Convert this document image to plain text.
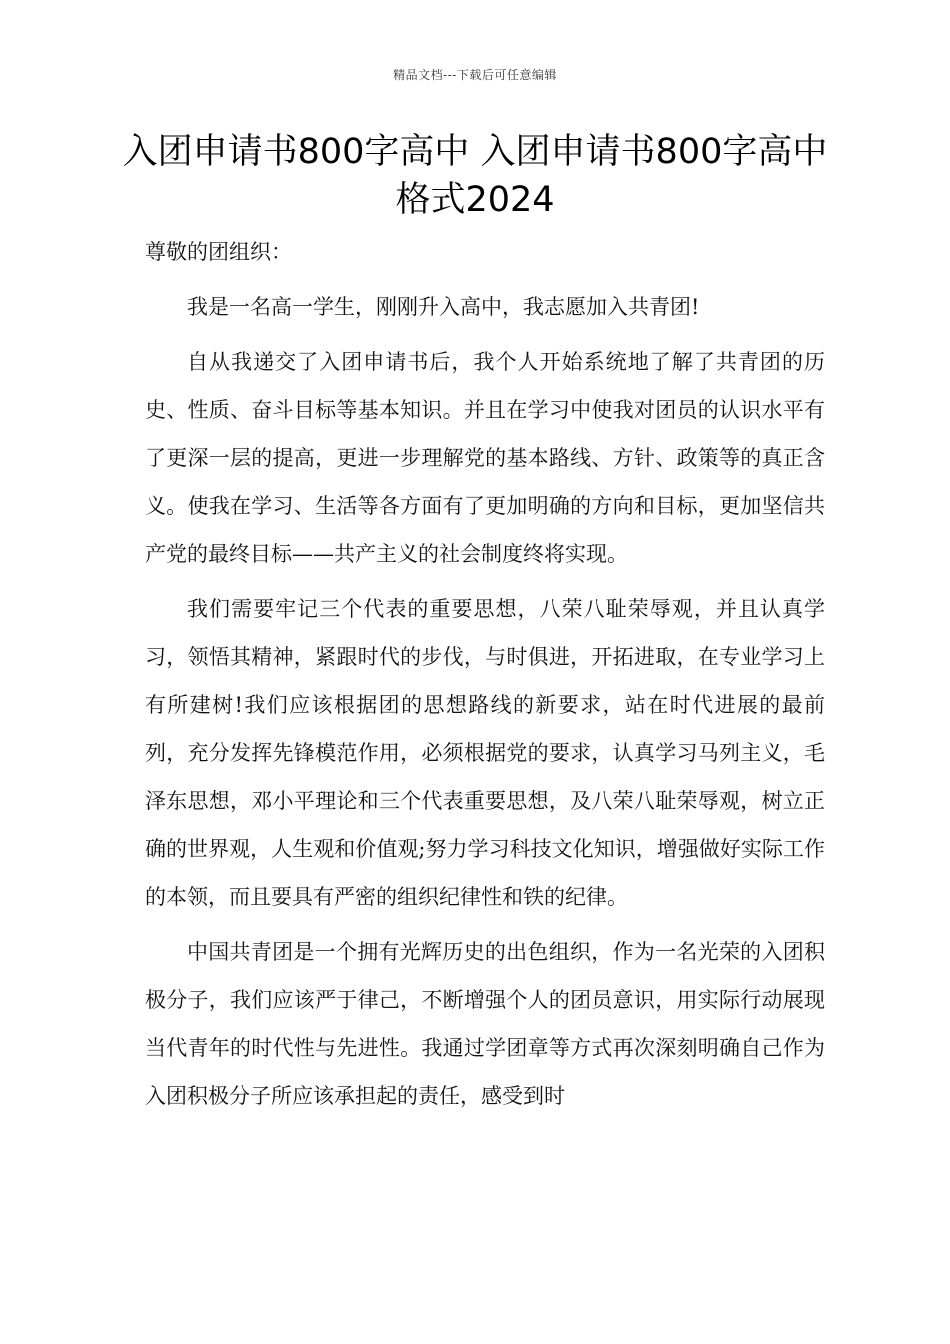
精品文档---下载后可任意编辑
入团申请书800字高中 入团申请书800字高中格式2024

尊敬的团组织：

我是一名高一学生，刚刚升入高中，我志愿加入共青团!

自从我递交了入团申请书后，我个人开始系统地了解了共青团的历史、性质、奋斗目标等基本知识。并且在学习中使我对团员的认识水平有了更深一层的提高，更进一步理解党的基本路线、方针、政策等的真正含义。使我在学习、生活等各方面有了更加明确的方向和目标，更加坚信共产党的最终目标——共产主义的社会制度终将实现。

我们需要牢记三个代表的重要思想，八荣八耻荣辱观，并且认真学习，领悟其精神，紧跟时代的步伐，与时俱进，开拓进取，在专业学习上有所建树!我们应该根据团的思想路线的新要求，站在时代进展的最前列，充分发挥先锋模范作用，必须根据党的要求，认真学习马列主义，毛泽东思想，邓小平理论和三个代表重要思想，及八荣八耻荣辱观，树立正确的世界观，人生观和价值观;努力学习科技文化知识，增强做好实际工作的本领，而且要具有严密的组织纪律性和铁的纪律。

中国共青团是一个拥有光辉历史的出色组织，作为一名光荣的入团积极分子，我们应该严于律己，不断增强个人的团员意识，用实际行动展现当代青年的时代性与先进性。我通过学团章等方式再次深刻明确自己作为入团积极分子所应该承担起的责任，感受到时
